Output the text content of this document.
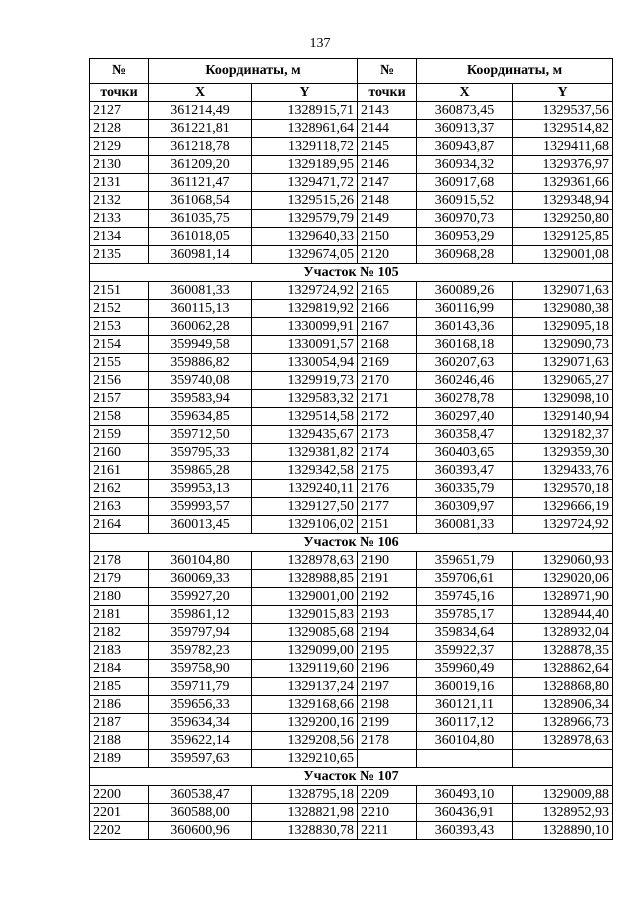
137
№	Координаты, м		№	Координаты, м	
точки	X	Y	точки	X	Y
2127	361214,49	1328915,71	2143	360873,45	1329537,56
2128	361221,81	1328961,64	2144	360913,37	1329514,82
2129	361218,78	1329118,72	2145	360943,87	1329411,68
2130	361209,20	1329189,95	2146	360934,32	1329376,97
2131	361121,47	1329471,72	2147	360917,68	1329361,66
2132	361068,54	1329515,26	2148	360915,52	1329348,94
2133	361035,75	1329579,79	2149	360970,73	1329250,80
2134	361018,05	1329640,33	2150	360953,29	1329125,85
2135	360981,14	1329674,05	2120	360968,28	1329001,08
Участок № 105					
2151	360081,33	1329724,92	2165	360089,26	1329071,63
2152	360115,13	1329819,92	2166	360116,99	1329080,38
2153	360062,28	1330099,91	2167	360143,36	1329095,18
2154	359949,58	1330091,57	2168	360168,18	1329090,73
2155	359886,82	1330054,94	2169	360207,63	1329071,63
2156	359740,08	1329919,73	2170	360246,46	1329065,27
2157	359583,94	1329583,32	2171	360278,78	1329098,10
2158	359634,85	1329514,58	2172	360297,40	1329140,94
2159	359712,50	1329435,67	2173	360358,47	1329182,37
2160	359795,33	1329381,82	2174	360403,65	1329359,30
2161	359865,28	1329342,58	2175	360393,47	1329433,76
2162	359953,13	1329240,11	2176	360335,79	1329570,18
2163	359993,57	1329127,50	2177	360309,97	1329666,19
2164	360013,45	1329106,02	2151	360081,33	1329724,92
Участок № 106					
2178	360104,80	1328978,63	2190	359651,79	1329060,93
2179	360069,33	1328988,85	2191	359706,61	1329020,06
2180	359927,20	1329001,00	2192	359745,16	1328971,90
2181	359861,12	1329015,83	2193	359785,17	1328944,40
2182	359797,94	1329085,68	2194	359834,64	1328932,04
2183	359782,23	1329099,00	2195	359922,37	1328878,35
2184	359758,90	1329119,60	2196	359960,49	1328862,64
2185	359711,79	1329137,24	2197	360019,16	1328868,80
2186	359656,33	1329168,66	2198	360121,11	1328906,34
2187	359634,34	1329200,16	2199	360117,12	1328966,73
2188	359622,14	1329208,56	2178	360104,80	1328978,63
2189	359597,63	1329210,65			
Участок № 107					
2200	360538,47	1328795,18	2209	360493,10	1329009,88
2201	360588,00	1328821,98	2210	360436,91	1328952,93
2202	360600,96	1328830,78	2211	360393,43	1328890,10
